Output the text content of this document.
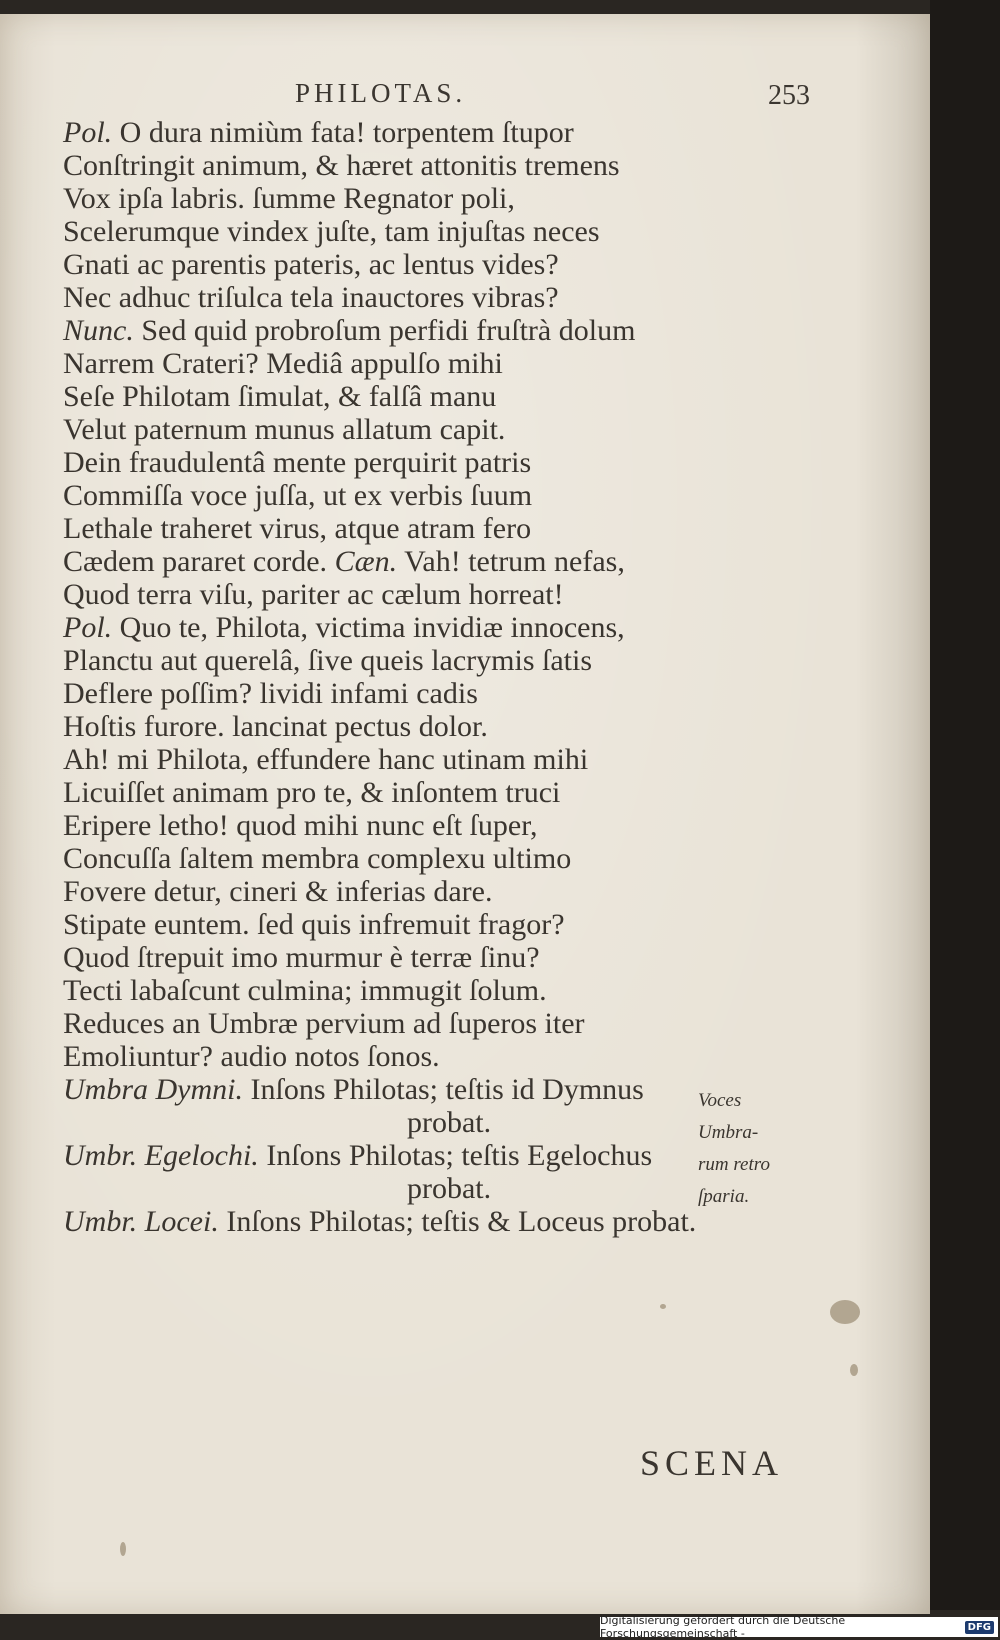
PHILOTAS.	253
Pol. O dura nimiùm fata! torpentem ſtupor
Conſtringit animum, & hæret attonitis tremens
Vox ipſa labris. ſumme Regnator poli,
Scelerumque vindex juſte, tam injuſtas neces
Gnati ac parentis pateris, ac lentus vides?
Nec adhuc triſulca tela inauctores vibras?
Nunc. Sed quid probroſum perfidi fruſtrà dolum
Narrem Crateri? Mediâ appulſo mihi
Seſe Philotam ſimulat, & falſâ manu
Velut paternum munus allatum capit.
Dein fraudulentâ mente perquirit patris
Commiſſa voce juſſa, ut ex verbis ſuum
Lethale traheret virus, atque atram fero
Cædem pararet corde. Cæn. Vah! tetrum nefas,
Quod terra viſu, pariter ac cælum horreat!
Pol. Quo te, Philota, victima invidiæ innocens,
Planctu aut querelâ, ſive queis lacrymis ſatis
Deflere poſſim? lividi infami cadis
Hoſtis furore. lancinat pectus dolor.
Ah! mi Philota, effundere hanc utinam mihi
Licuiſſet animam pro te, & inſontem truci
Eripere letho! quod mihi nunc eſt ſuper,
Concuſſa ſaltem membra complexu ultimo
Fovere detur, cineri & inferias dare.
Stipate euntem. ſed quis infremuit fragor?
Quod ſtrepuit imo murmur è terræ ſinu?
Tecti labaſcunt culmina; immugit ſolum.
Reduces an Umbræ pervium ad ſuperos iter
Emoliuntur? audio notos ſonos.
Umbra Dymni. Inſons Philotas; teſtis id Dymnus
probat.
Umbr. Egelochi. Inſons Philotas; teſtis Egelochus
probat.
Umbr. Locei. Inſons Philotas; teſtis & Loceus probat.
Voces
Umbra-
rum retro
ſparia.
SCENA
Digitalisierung gefördert durch die Deutsche Forschungsgemeinschaft -	DFG
